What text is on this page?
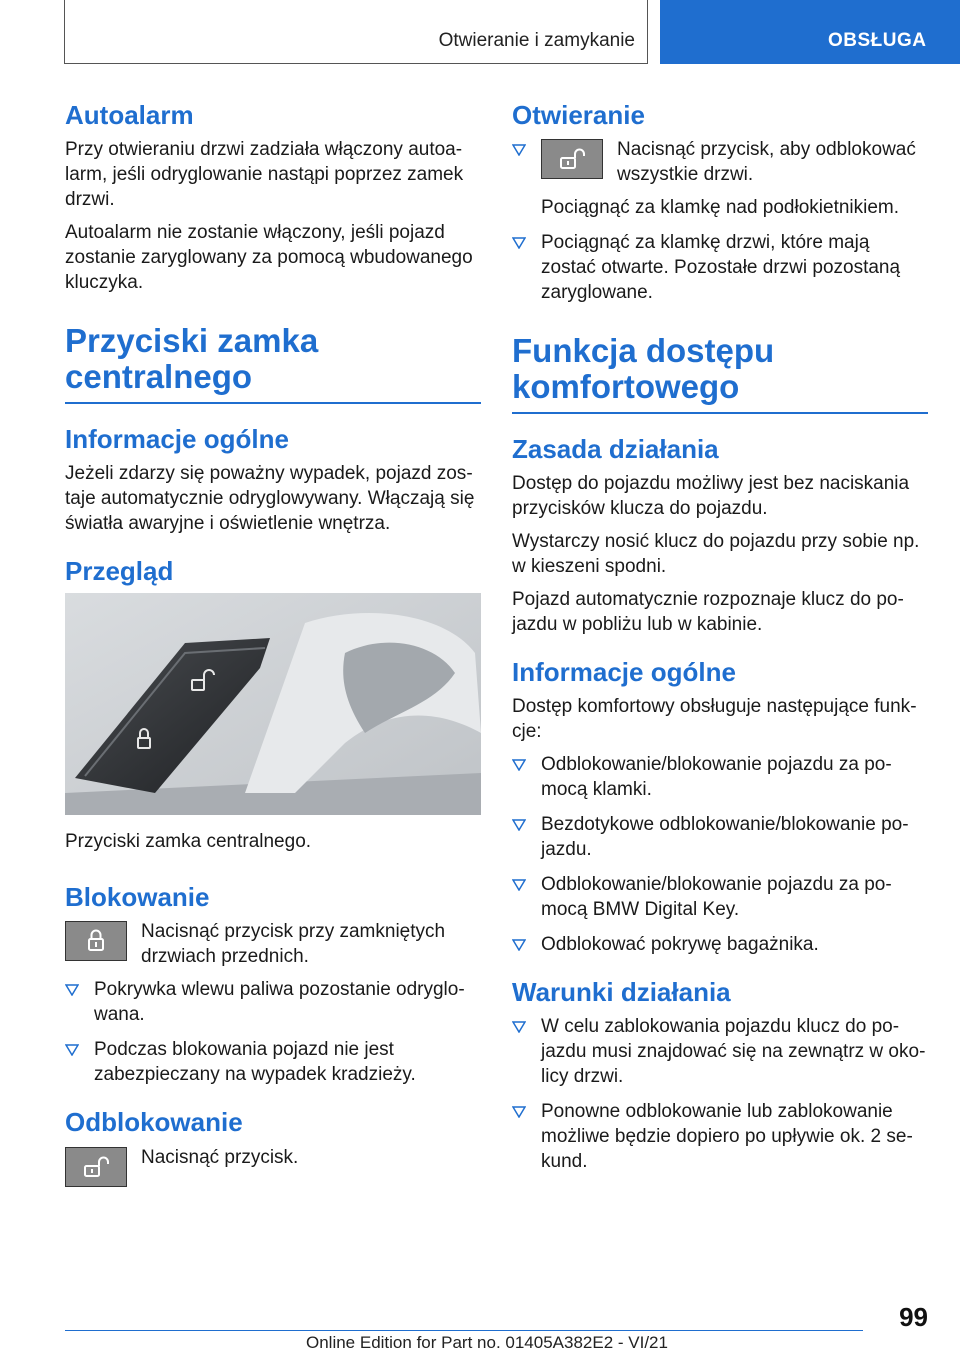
Otwieranie i zamykanie	OBSŁUGA
Autoalarm

Przy otwieraniu drzwi zadziała włączony autoalarm, jeśli odryglowanie nastąpi poprzez zamek drzwi.

Autoalarm nie zostanie włączony, jeśli pojazd zostanie zaryglowany za pomocą wbudowanego kluczyka.

Przyciski zamka centralnego
Informacje ogólne

Jeżeli zdarzy się poważny wypadek, pojazd zostaje automatycznie odryglowywany. Włączają się światła awaryjne i oświetlenie wnętrza.

Przegląd

Przyciski zamka centralnego.

Blokowanie

Nacisnąć przycisk przy zamkniętych drzwiach przednich.

Pokrywka wlewu paliwa pozostanie odryglowana.
Podczas blokowania pojazd nie jest zabezpieczany na wypadek kradzieży.
Odblokowanie

Nacisnąć przycisk.

Otwieranie

Nacisnąć przycisk, aby odblokować wszystkie drzwi.

Pociągnąć za klamkę nad podłokietnikiem.

Pociągnąć za klamkę drzwi, które mają zostać otwarte. Pozostałe drzwi pozostaną zaryglowane.
Funkcja dostępu komfortowego
Zasada działania

Dostęp do pojazdu możliwy jest bez naciskania przycisków klucza do pojazdu.

Wystarczy nosić klucz do pojazdu przy sobie np. w kieszeni spodni.

Pojazd automatycznie rozpoznaje klucz do pojazdu w pobliżu lub w kabinie.

Informacje ogólne

Dostęp komfortowy obsługuje następujące funkcje:

Odblokowanie/blokowanie pojazdu za pomocą klamki.
Bezdotykowe odblokowanie/blokowanie pojazdu.
Odblokowanie/blokowanie pojazdu za pomocą BMW Digital Key.
Odblokować pokrywę bagażnika.
Warunki działania
W celu zablokowania pojazdu klucz do pojazdu musi znajdować się na zewnątrz w okolicy drzwi.
Ponowne odblokowanie lub zablokowanie możliwe będzie dopiero po upływie ok. 2 sekund.
99
Online Edition for Part no. 01405A382E2 - VI/21
